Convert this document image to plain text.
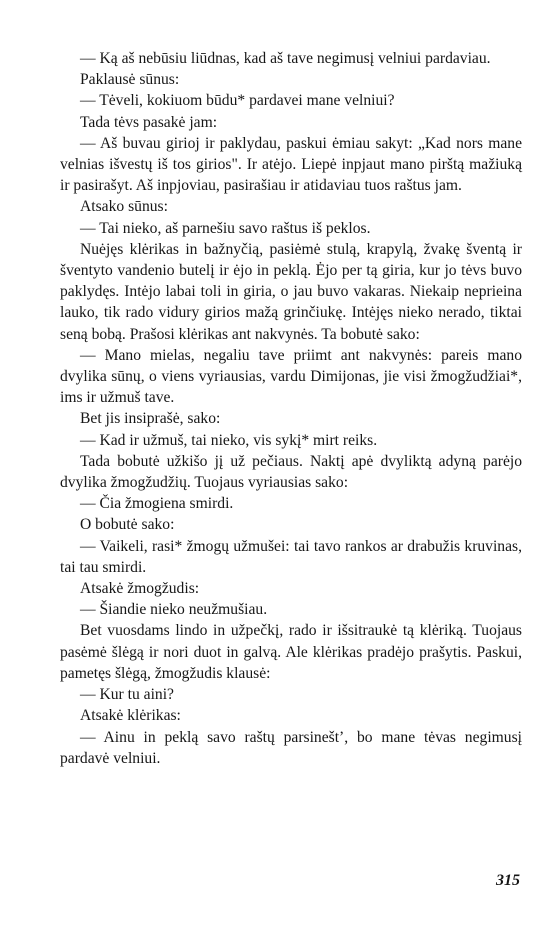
— Ką aš nebūsiu liūdnas, kad aš tave negimusį velniui pardaviau.

Paklausė sūnus:

— Tėveli, kokiuom būdu* pardavei mane velniui?

Tada tėvs pasakė jam:

— Aš buvau girioj ir paklydau, paskui ėmiau sakyt: „Kad nors mane velnias išvestų iš tos girios". Ir atėjo. Liepė inpjaut mano pirštą mažiuką ir pasirašyt. Aš inpjoviau, pasirašiau ir atidaviau tuos raštus jam.

Atsako sūnus:

— Tai nieko, aš parnešiu savo raštus iš peklos.

Nuėjęs klėrikas in bažnyčią, pasiėmė stulą, krapylą, žvakę šventą ir šventyto vandenio butelį ir ėjo in peklą. Ėjo per tą giria, kur jo tėvs buvo paklydęs. Intėjo labai toli in giria, o jau buvo vakaras. Niekaip neprieina lauko, tik rado vidury girios mažą grinčiukę. Intėjęs nieko nerado, tiktai seną bobą. Prašosi klėrikas ant nakvynės. Ta bobutė sako:

— Mano mielas, negaliu tave priimt ant nakvynės: pareis mano dvylika sūnų, o viens vyriausias, vardu Dimijonas, jie visi žmogžudžiai*, ims ir užmuš tave.

Bet jis insiprašė, sako:

— Kad ir užmuš, tai nieko, vis sykį* mirt reiks.

Tada bobutė užkišo jį už pečiaus. Naktį apė dvyliktą adyną parėjo dvylika žmogžudžių. Tuojaus vyriausias sako:

— Čia žmogiena smirdi.

O bobutė sako:

— Vaikeli, rasi* žmogų užmušei: tai tavo rankos ar drabužis kruvinas, tai tau smirdi.

Atsakė žmogžudis:

— Šiandie nieko neužmušiau.

Bet vuosdams lindo in užpečkį, rado ir išsitraukė tą klėriką. Tuojaus pasėmė šlėgą ir nori duot in galvą. Ale klėrikas pradėjo prašytis. Paskui, pametęs šlėgą, žmogžudis klausė:

— Kur tu aini?

Atsakė klėrikas:

— Ainu in peklą savo raštų parsineštʼ, bo mane tėvas negimusį pardavė velniui.

315
